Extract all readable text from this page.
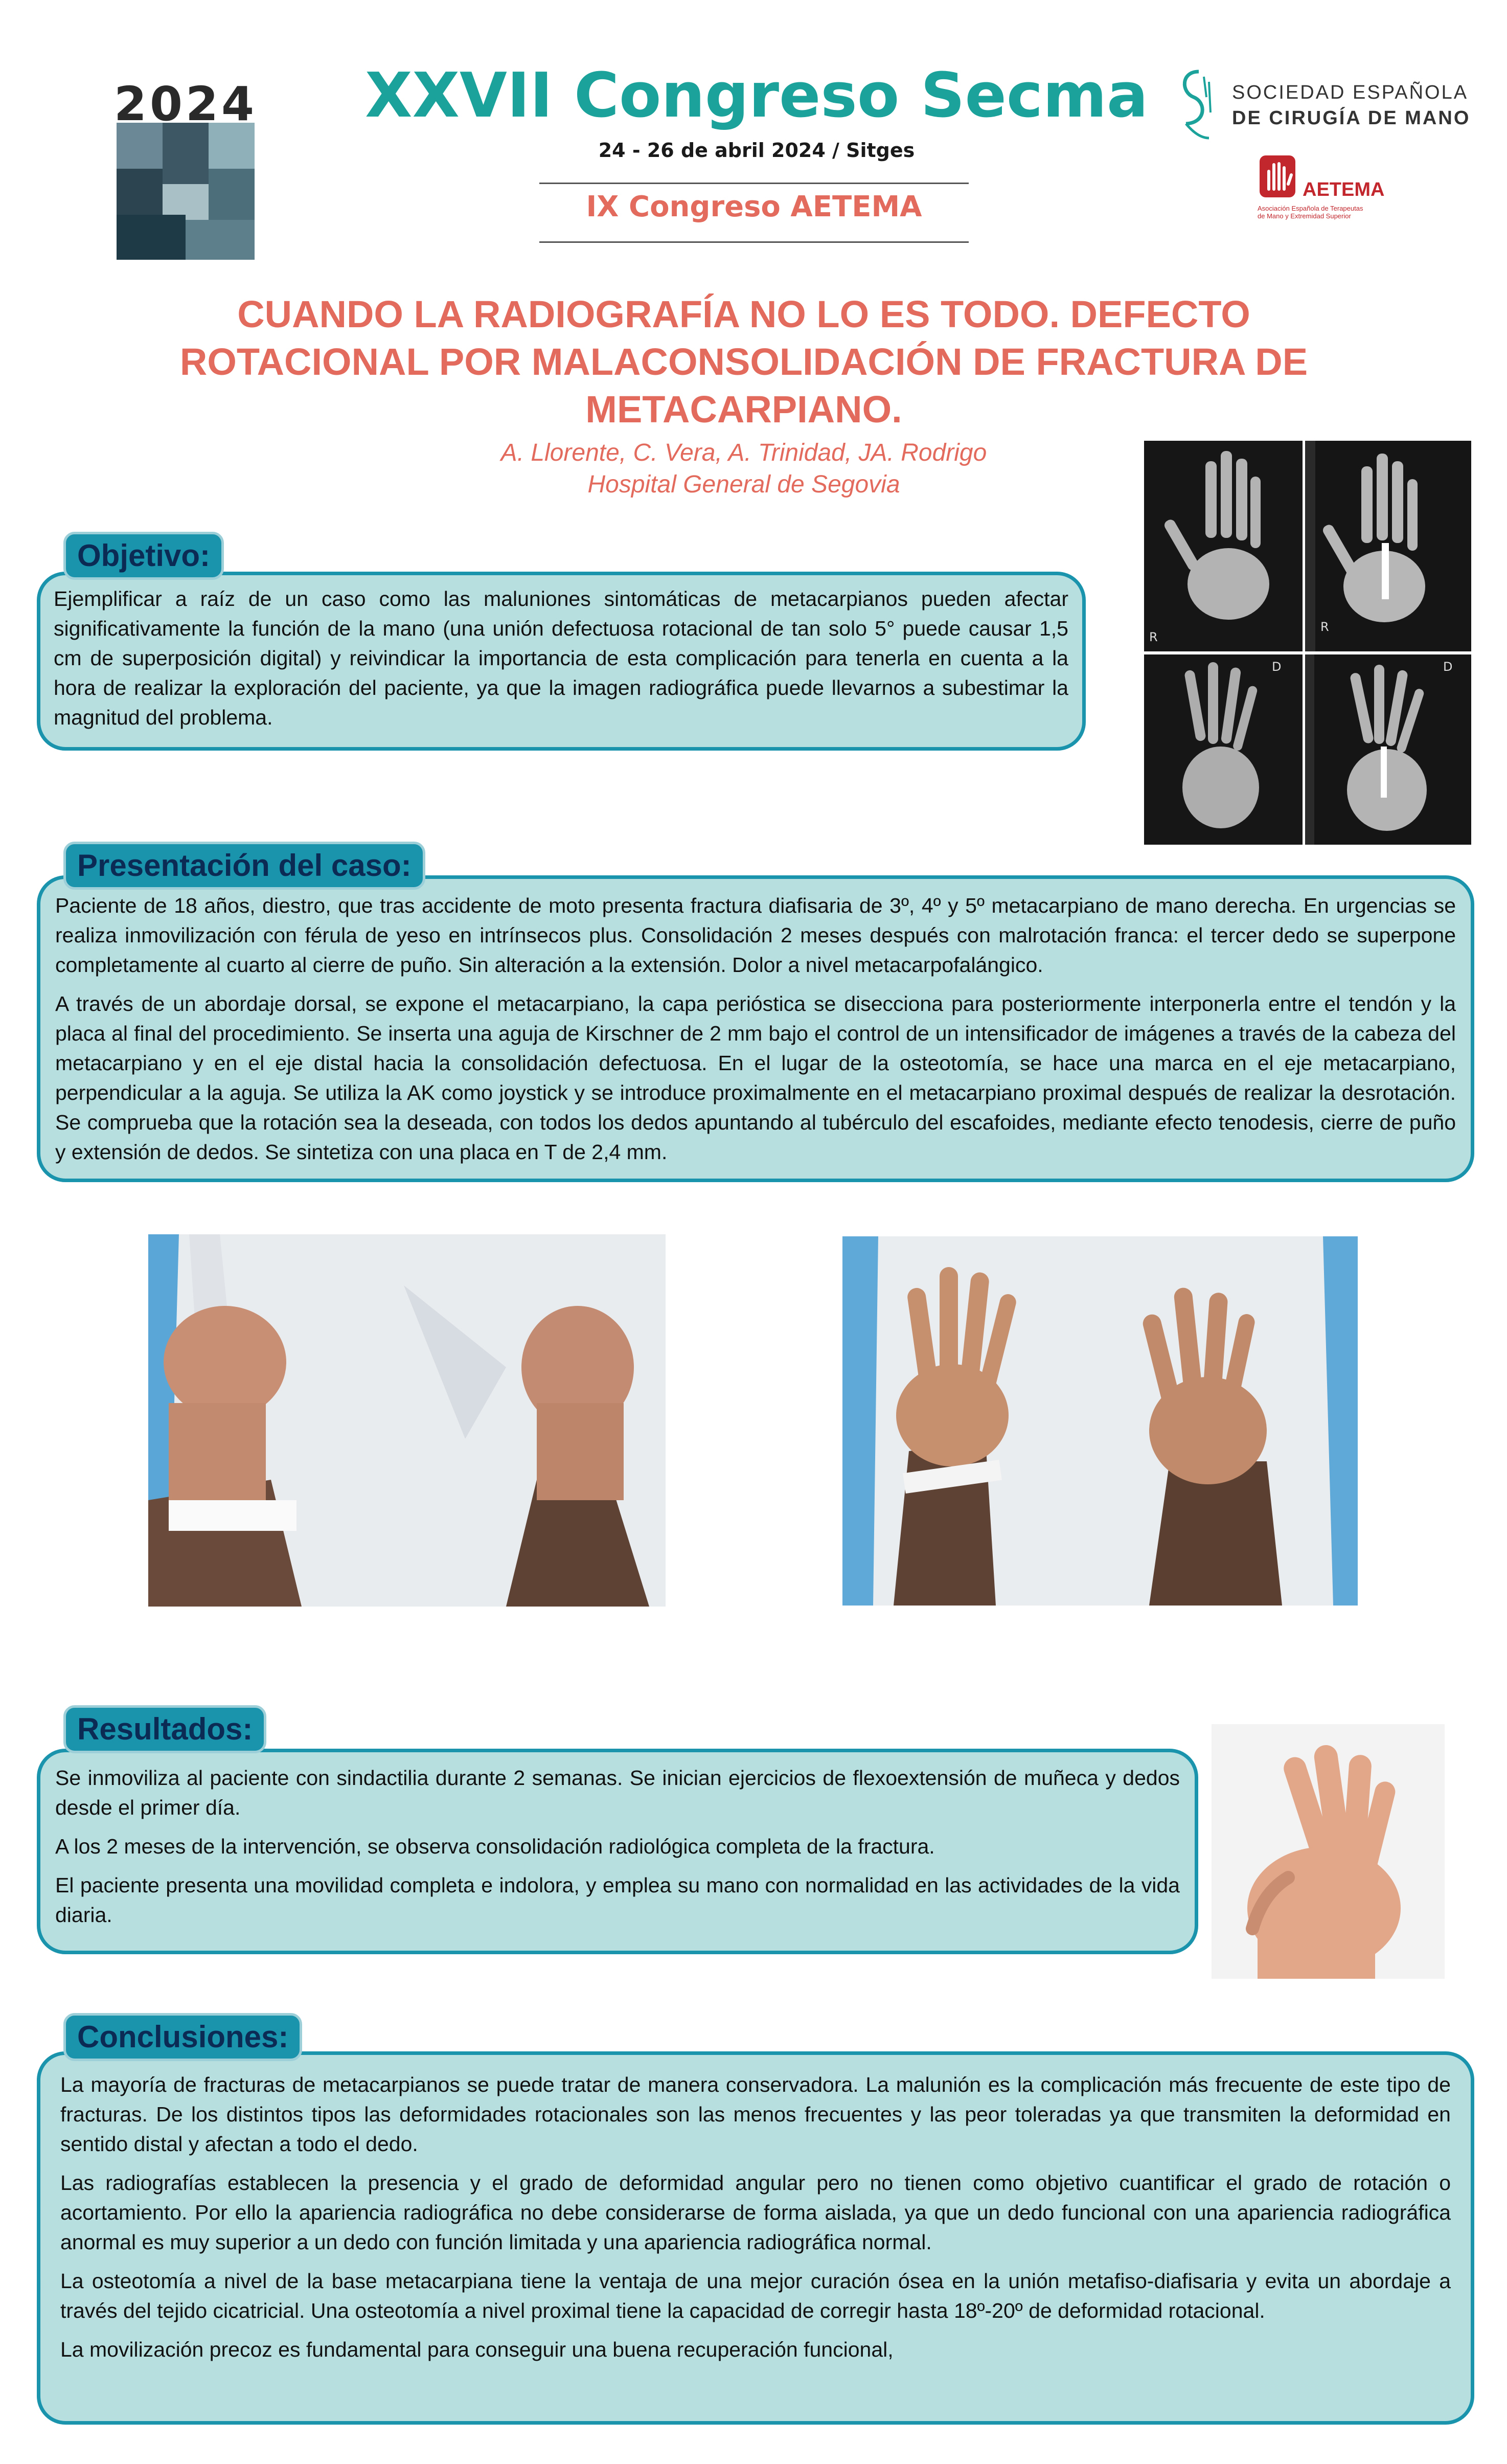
2024	XXVII Congreso Secma
24 - 26 de abril 2024 / Sitges
IX Congreso AETEMA
SOCIEDAD ESPAÑOLA
DE CIRUGÍA DE MANO
AETEMA
Asociación Española de Terapeutas
de Mano y Extremidad Superior
CUANDO LA RADIOGRAFÍA NO LO ES TODO. DEFECTO
ROTACIONAL POR MALACONSOLIDACIÓN DE FRACTURA DE
METACARPIANO.
A. Llorente, C. Vera, A. Trinidad, JA. Rodrigo
Hospital General de Segovia
Objetivo:

Ejemplificar a raíz de un caso como las maluniones sintomáticas de metacarpianos pueden afectar significativamente la función de la mano (una unión defectuosa rotacional de tan solo 5° puede causar 1,5 cm de superposición digital) y reivindicar la importancia de esta complicación para tenerla en cuenta a la hora de realizar la exploración del paciente, ya que la imagen radiográfica puede llevarnos a subestimar la magnitud del problema.

R
R
D	D
Presentación del caso:

Paciente de 18 años, diestro, que tras accidente de moto presenta fractura diafisaria de 3º, 4º y 5º metacarpiano de mano derecha. En urgencias se realiza inmovilización con férula de yeso en intrínsecos plus. Consolidación 2 meses después con malrotación franca: el tercer dedo se superpone completamente al cuarto al cierre de puño. Sin alteración a la extensión. Dolor a nivel metacarpofalángico.

A través de un abordaje dorsal, se expone el metacarpiano, la capa perióstica se disecciona para posteriormente interponerla entre el tendón y la placa al final del procedimiento. Se inserta una aguja de Kirschner de 2 mm bajo el control de un intensificador de imágenes a través de la cabeza del metacarpiano y en el eje distal hacia la consolidación defectuosa. En el lugar de la osteotomía, se hace una marca en el eje metacarpiano, perpendicular a la aguja. Se utiliza la AK como joystick y se introduce proximalmente en el metacarpiano proximal después de realizar la desrotación. Se comprueba que la rotación sea la deseada, con todos los dedos apuntando al tubérculo del escafoides, mediante efecto tenodesis, cierre de puño y extensión de dedos. Se sintetiza con una placa en T de 2,4 mm.

Resultados:

Se inmoviliza al paciente con sindactilia durante 2 semanas. Se inician ejercicios de flexoextensión de muñeca y dedos desde el primer día.

A los 2 meses de la intervención, se observa consolidación radiológica completa de la fractura.

El paciente presenta una movilidad completa e indolora, y emplea su mano con normalidad en las actividades de la vida diaria.

Conclusiones:

La mayoría de fracturas de metacarpianos se puede tratar de manera conservadora. La malunión es la complicación más frecuente de este tipo de fracturas. De los distintos tipos las deformidades rotacionales son las menos frecuentes y las peor toleradas ya que transmiten la deformidad en sentido distal y afectan a todo el dedo.

Las radiografías establecen la presencia y el grado de deformidad angular pero no tienen como objetivo cuantificar el grado de rotación o acortamiento. Por ello la apariencia radiográfica no debe considerarse de forma aislada, ya que un dedo funcional con una apariencia radiográfica anormal es muy superior a un dedo con función limitada y una apariencia radiográfica normal.

La osteotomía a nivel de la base metacarpiana tiene la ventaja de una mejor curación ósea en la unión metafiso-diafisaria y evita un abordaje a través del tejido cicatricial. Una osteotomía a nivel proximal tiene la capacidad de corregir hasta 18º-20º de deformidad rotacional.

La movilización precoz es fundamental para conseguir una buena recuperación funcional,
